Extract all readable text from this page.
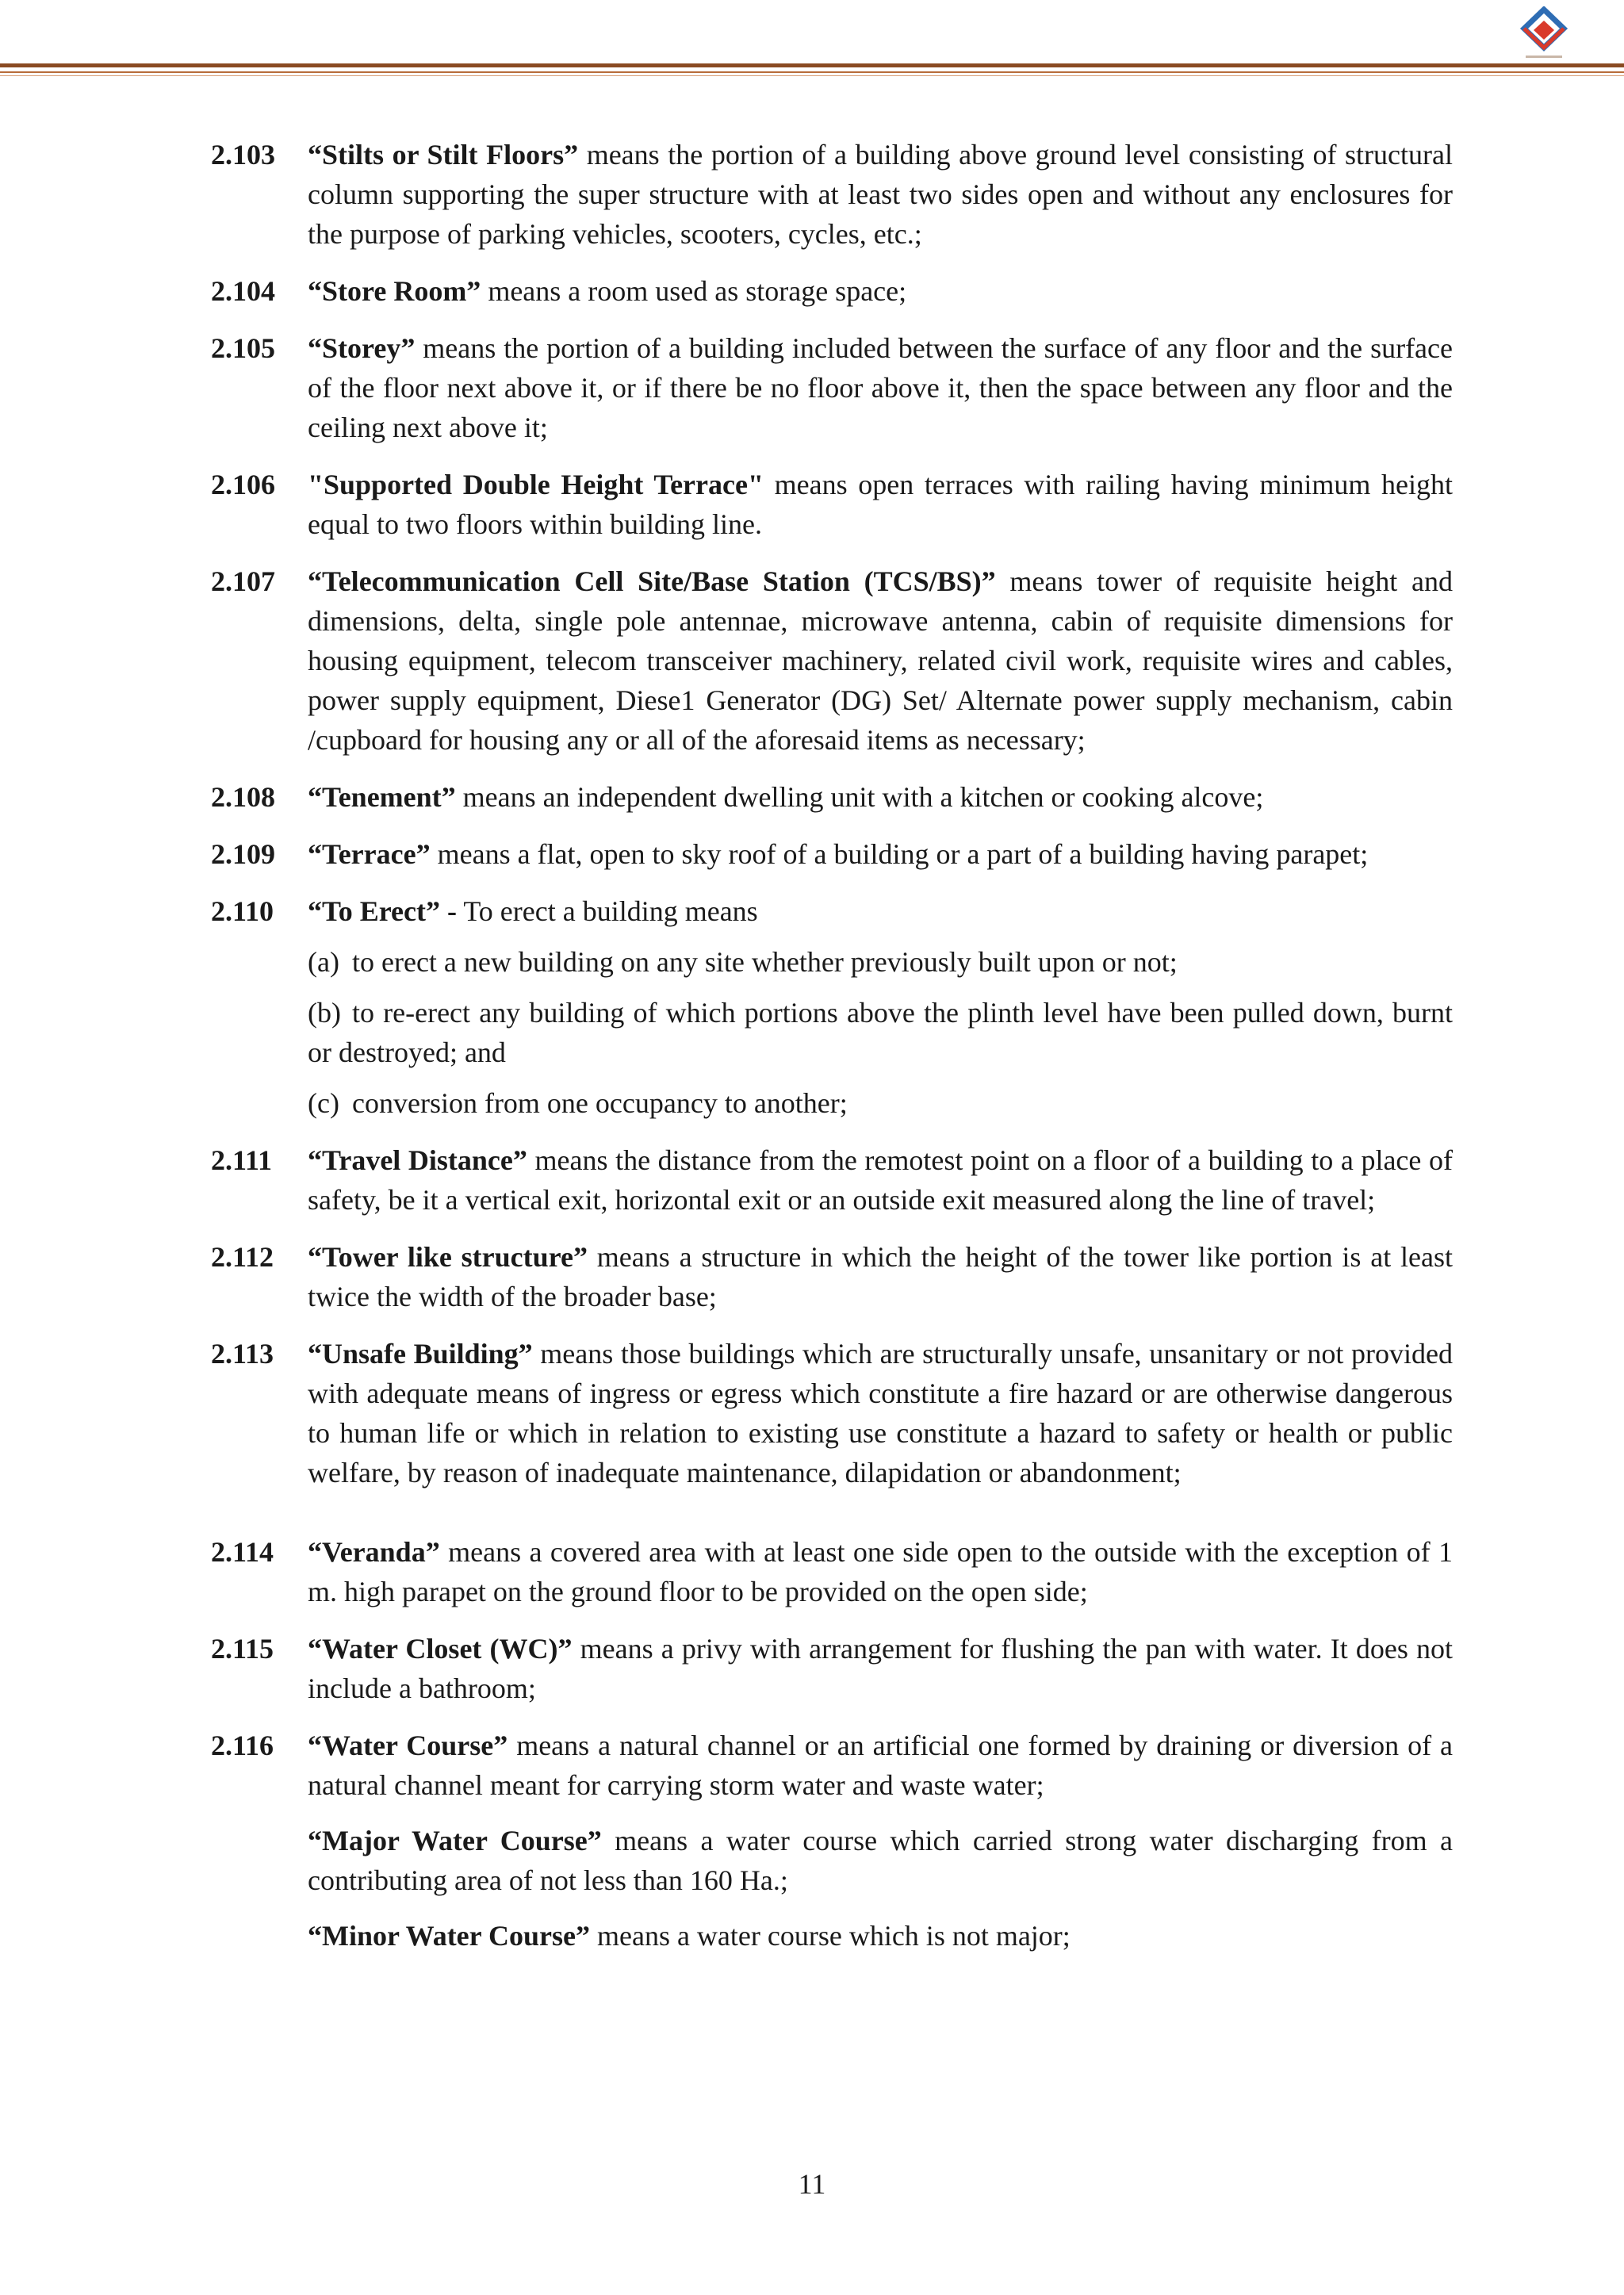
2.103	“Stilts or Stilt Floors” means the portion of a building above ground level consisting of structural column supporting the super structure with at least two sides open and without any enclosures for the purpose of parking vehicles, scooters, cycles, etc.;
2.104	“Store Room” means a room used as storage space;
2.105	“Storey” means the portion of a building included between the surface of any floor and the surface of the floor next above it, or if there be no floor above it, then the space between any floor and the ceiling next above it;
2.106	"Supported Double Height Terrace" means open terraces with railing having minimum height equal to two floors within building line.
2.107	“Telecommunication Cell Site/Base Station (TCS/BS)” means tower of requisite height and dimensions, delta, single pole antennae, microwave antenna, cabin of requisite dimensions for housing equipment, telecom transceiver machinery, related civil work, requisite wires and cables, power supply equipment, Diese1 Generator (DG) Set/ Alternate power supply mechanism, cabin /cupboard for housing any or all of the aforesaid items as necessary;
2.108	“Tenement” means an independent dwelling unit with a kitchen or cooking alcove;
2.109	“Terrace” means a flat, open to sky roof of a building or a part of a building having parapet;
2.110	“To Erect” - To erect a building means
(a) to erect a new building on any site whether previously built upon or not;
(b) to re-erect any building of which portions above the plinth level have been pulled down, burnt or destroyed; and
(c) conversion from one occupancy to another;
2.111	“Travel Distance” means the distance from the remotest point on a floor of a building to a place of safety, be it a vertical exit, horizontal exit or an outside exit measured along the line of travel;
2.112	“Tower like structure” means a structure in which the height of the tower like portion is at least twice the width of the broader base;
2.113	“Unsafe Building” means those buildings which are structurally unsafe, unsanitary or not provided with adequate means of ingress or egress which constitute a fire hazard or are otherwise dangerous to human life or which in relation to existing use constitute a hazard to safety or health or public welfare, by reason of inadequate maintenance, dilapidation or abandonment;
2.114	“Veranda” means a covered area with at least one side open to the outside with the exception of 1 m. high parapet on the ground floor to be provided on the open side;
2.115	“Water Closet (WC)” means a privy with arrangement for flushing the pan with water. It does not include a bathroom;
2.116	“Water Course” means a natural channel or an artificial one formed by draining or diversion of a natural channel meant for carrying storm water and waste water;
“Major Water Course” means a water course which carried strong water discharging from a contributing area of not less than 160 Ha.;
“Minor Water Course” means a water course which is not major;
11
